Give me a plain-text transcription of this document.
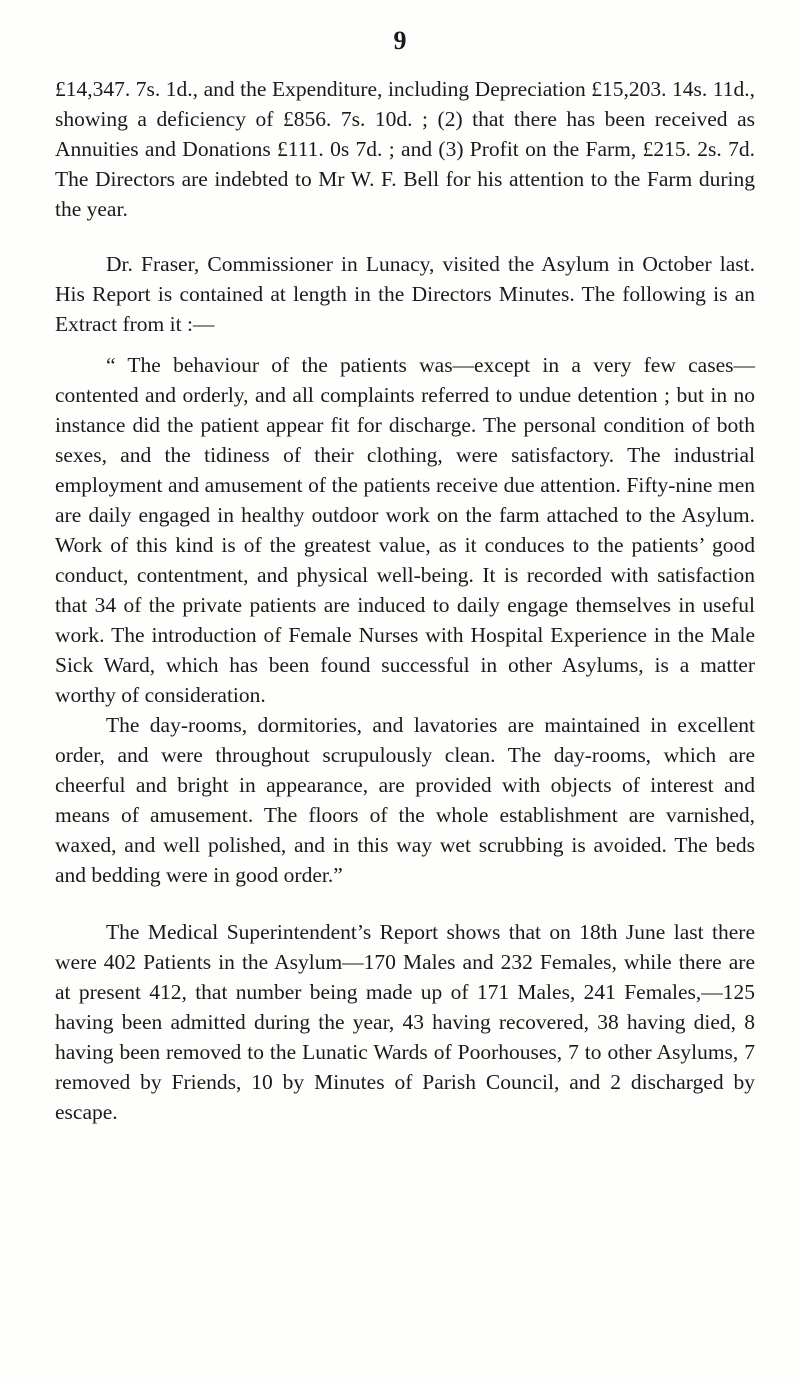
9

£14,347. 7s. 1d., and the Expenditure, including Depreciation £15,203. 14s. 11d., showing a deficiency of £856. 7s. 10d. ; (2) that there has been received as Annuities and Donations £111. 0s 7d. ; and (3) Profit on the Farm, £215. 2s. 7d. The Directors are indebted to Mr W. F. Bell for his attention to the Farm during the year.

Dr. Fraser, Commissioner in Lunacy, visited the Asylum in October last. His Report is contained at length in the Directors Minutes. The following is an Extract from it :—

“ The behaviour of the patients was—except in a very few cases—contented and orderly, and all complaints referred to undue detention ; but in no instance did the patient appear fit for discharge. The personal condition of both sexes, and the tidiness of their clothing, were satisfactory. The industrial employment and amusement of the patients receive due attention. Fifty-nine men are daily engaged in healthy outdoor work on the farm attached to the Asylum. Work of this kind is of the greatest value, as it conduces to the patients’ good conduct, contentment, and physical well-being. It is recorded with satisfaction that 34 of the private patients are induced to daily engage themselves in useful work. The introduction of Female Nurses with Hospital Experience in the Male Sick Ward, which has been found successful in other Asylums, is a matter worthy of consideration.

The day-rooms, dormitories, and lavatories are maintained in excellent order, and were throughout scrupulously clean. The day-rooms, which are cheerful and bright in appearance, are provided with objects of interest and means of amusement. The floors of the whole establishment are varnished, waxed, and well polished, and in this way wet scrubbing is avoided. The beds and bedding were in good order.”

The Medical Superintendent’s Report shows that on 18th June last there were 402 Patients in the Asylum—170 Males and 232 Females, while there are at present 412, that number being made up of 171 Males, 241 Females,—125 having been admitted during the year, 43 having recovered, 38 having died, 8 having been removed to the Lunatic Wards of Poorhouses, 7 to other Asylums, 7 removed by Friends, 10 by Minutes of Parish Council, and 2 discharged by escape.
